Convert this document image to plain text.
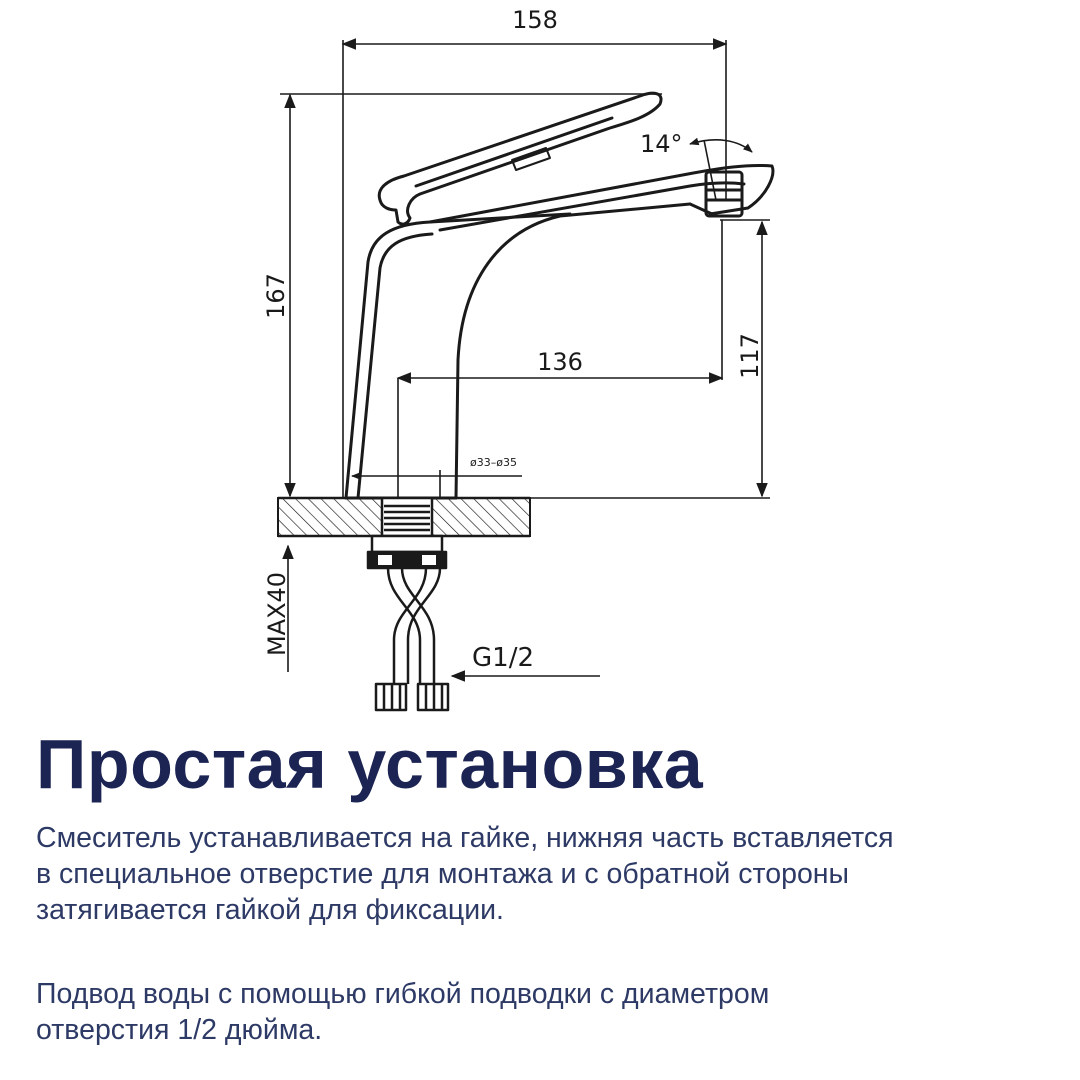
158
14°
167
136	117
ø33–ø35
MAX40
G1/2
Простая установка

Смеситель устанавливается на гайке, нижняя часть вставляется
в специальное отверстие для монтажа и с обратной стороны
затягивается гайкой для фиксации.

Подвод воды с помощью гибкой подводки с диаметром
отверстия 1/2 дюйма.
